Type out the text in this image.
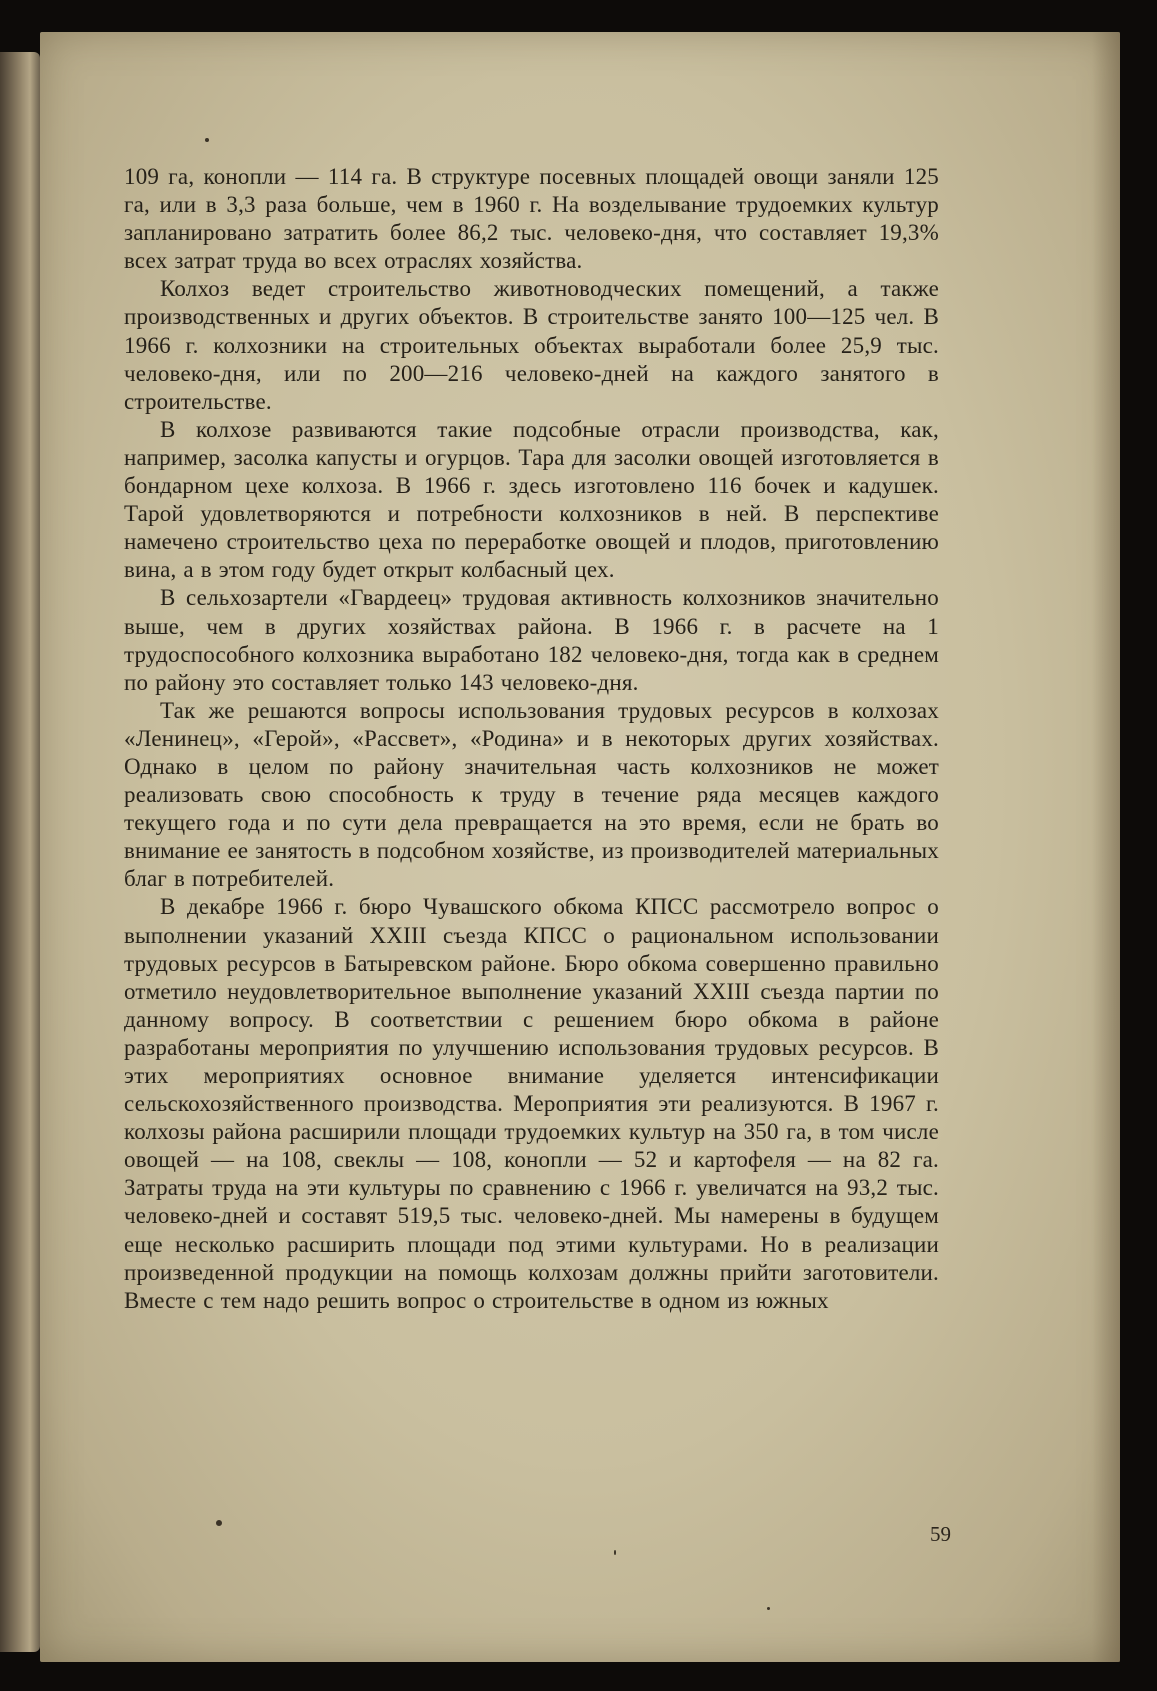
109 га, конопли — 114 га. В структуре посевных площадей овощи заняли 125 га, или в 3,3 раза больше, чем в 1960 г. На возделывание трудоемких культур запланировано затратить более 86,2 тыс. человеко-дня, что составляет 19,3% всех затрат труда во всех отраслях хозяйства.

Колхоз ведет строительство животноводческих помещений, а также производственных и других объектов. В строительстве занято 100—125 чел. В 1966 г. колхозники на строительных объектах выработали более 25,9 тыс. человеко-дня, или по 200—216 человеко-дней на каждого занятого в строительстве.

В колхозе развиваются такие подсобные отрасли производства, как, например, засолка капусты и огурцов. Тара для засолки овощей изготовляется в бондарном цехе колхоза. В 1966 г. здесь изготовлено 116 бочек и кадушек. Тарой удовлетворяются и потребности колхозников в ней. В перспективе намечено строительство цеха по переработке овощей и плодов, приготовлению вина, а в этом году будет открыт колбасный цех.

В сельхозартели «Гвардеец» трудовая активность колхозников значительно выше, чем в других хозяйствах района. В 1966 г. в расчете на 1 трудоспособного колхозника выработано 182 человеко-дня, тогда как в среднем по району это составляет только 143 человеко-дня.

Так же решаются вопросы использования трудовых ресурсов в колхозах «Ленинец», «Герой», «Рассвет», «Родина» и в некоторых других хозяйствах. Однако в целом по району значительная часть колхозников не может реализовать свою способность к труду в течение ряда месяцев каждого текущего года и по сути дела превращается на это время, если не брать во внимание ее занятость в подсобном хозяйстве, из производителей материальных благ в потребителей.

В декабре 1966 г. бюро Чувашского обкома КПСС рассмотрело вопрос о выполнении указаний XXIII съезда КПСС о рациональном использовании трудовых ресурсов в Батыревском районе. Бюро обкома совершенно правильно отметило неудовлетворительное выполнение указаний XXIII съезда партии по данному вопросу. В соответствии с решением бюро обкома в районе разработаны мероприятия по улучшению использования трудовых ресурсов. В этих мероприятиях основное внимание уделяется интенсификации сельскохозяйственного производства. Мероприятия эти реализуются. В 1967 г. колхозы района расширили площади трудоемких культур на 350 га, в том числе овощей — на 108, свеклы — 108, конопли — 52 и картофеля — на 82 га. Затраты труда на эти культуры по сравнению с 1966 г. увеличатся на 93,2 тыс. человеко-дней и составят 519,5 тыс. человеко-дней. Мы намерены в будущем еще несколько расширить площади под этими культурами. Но в реализации произведенной продукции на помощь колхозам должны прийти заготовители. Вместе с тем надо решить вопрос о строительстве в одном из южных

59
